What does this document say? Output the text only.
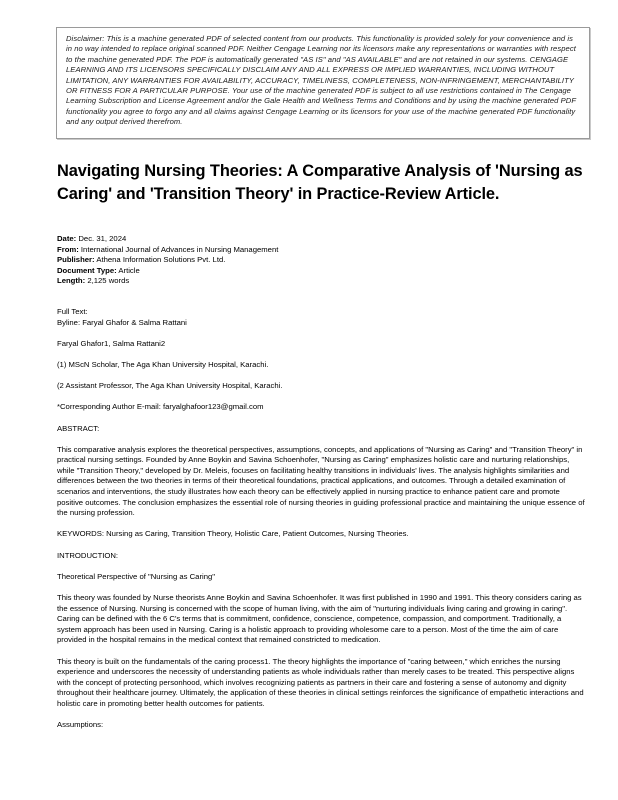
Disclaimer: This is a machine generated PDF of selected content from our products. This functionality is provided solely for your convenience and is in no way intended to replace original scanned PDF. Neither Cengage Learning nor its licensors make any representations or warranties with respect to the machine generated PDF. The PDF is automatically generated "AS IS" and "AS AVAILABLE" and are not retained in our systems. CENGAGE LEARNING AND ITS LICENSORS SPECIFICALLY DISCLAIM ANY AND ALL EXPRESS OR IMPLIED WARRANTIES, INCLUDING WITHOUT LIMITATION, ANY WARRANTIES FOR AVAILABILITY, ACCURACY, TIMELINESS, COMPLETENESS, NON-INFRINGEMENT, MERCHANTABILITY OR FITNESS FOR A PARTICULAR PURPOSE. Your use of the machine generated PDF is subject to all use restrictions contained in The Cengage Learning Subscription and License Agreement and/or the Gale Health and Wellness Terms and Conditions and by using the machine generated PDF functionality you agree to forgo any and all claims against Cengage Learning or its licensors for your use of the machine generated PDF functionality and any output derived therefrom.

Navigating Nursing Theories: A Comparative Analysis of 'Nursing as Caring' and 'Transition Theory' in Practice-Review Article.
Date: Dec. 31, 2024
From: International Journal of Advances in Nursing Management
Publisher: Athena Information Solutions Pvt. Ltd.
Document Type: Article
Length: 2,125 words
Full Text:
Byline: Faryal Ghafor & Salma Rattani
Faryal Ghafor1, Salma Rattani2
(1) MScN Scholar, The Aga Khan University Hospital, Karachi.
(2 Assistant Professor, The Aga Khan University Hospital, Karachi.
*Corresponding Author E-mail: faryalghafoor123@gmail.com
ABSTRACT:

This comparative analysis explores the theoretical perspectives, assumptions, concepts, and applications of "Nursing as Caring" and "Transition Theory" in practical nursing settings. Founded by Anne Boykin and Savina Schoenhofer, "Nursing as Caring" emphasizes holistic care and nurturing relationships, while "Transition Theory," developed by Dr. Meleis, focuses on facilitating healthy transitions in individuals' lives. The analysis highlights similarities and differences between the two theories in terms of their theoretical foundations, practical applications, and outcomes. Through a detailed examination of scenarios and interventions, the study illustrates how each theory can be effectively applied in nursing practice to enhance patient care and promote positive outcomes. The conclusion emphasizes the essential role of nursing theories in guiding professional practice and maintaining the unique essence of the nursing profession.

KEYWORDS: Nursing as Caring, Transition Theory, Holistic Care, Patient Outcomes, Nursing Theories.
INTRODUCTION:
Theoretical Perspective of "Nursing as Caring"

This theory was founded by Nurse theorists Anne Boykin and Savina Schoenhofer. It was first published in 1990 and 1991. This theory considers caring as the essence of Nursing. Nursing is concerned with the scope of human living, with the aim of "nurturing individuals living caring and growing in caring". Caring can be defined with the 6 C's terms that is commitment, confidence, conscience, competence, compassion, and comportment. Traditionally, a system approach has been used in Nursing. Caring is a holistic approach to providing wholesome care to a person. Most of the time the aim of care provided in the hospital remains in the medical context that remained constricted to medication.

This theory is built on the fundamentals of the caring process1. The theory highlights the importance of "caring between," which enriches the nursing experience and underscores the necessity of understanding patients as whole individuals rather than merely cases to be treated. This perspective aligns with the concept of protecting personhood, which involves recognizing patients as partners in their care and fostering a sense of autonomy and dignity throughout their healthcare journey. Ultimately, the application of these theories in clinical settings reinforces the significance of empathetic interactions and holistic care in promoting better health outcomes for patients.

Assumptions:
